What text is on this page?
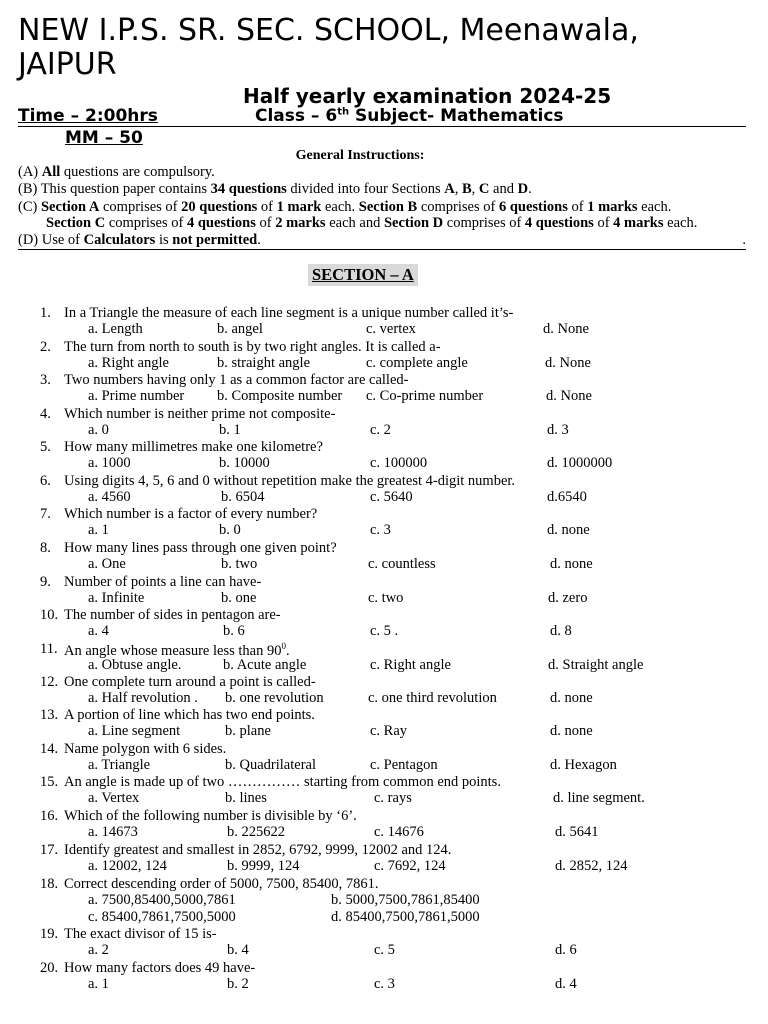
NEW I.P.S. SR. SEC. SCHOOL, Meenawala, JAIPUR
Half yearly examination 2024-25
Time – 2:00hrs	Class – 6th Subject- Mathematics
MM – 50
General Instructions:
(A) All questions are compulsory.
(B) This question paper contains 34 questions divided into four Sections A, B, C and D.
(C) Section A comprises of 20 questions of 1 mark each. Section B comprises of 6 questions of 1 marks each.
Section C comprises of 4 questions of 2 marks each and Section D comprises of 4 questions of 4 marks each.
(D) Use of Calculators is not permitted.	.
SECTION – A
1. In a Triangle the measure of each line segment is a unique number called it’s-
a. Length	b. angel	c. vertex	d. None
2. The turn from north to south is by two right angles. It is called a-
a. Right angle	b. straight angle	c. complete angle	d. None
3. Two numbers having only 1 as a common factor are called-
a. Prime number b. Composite number c. Co-prime number	d. None
4. Which number is neither prime not composite-
a. 0	b. 1	c. 2	d. 3
5. How many millimetres make one kilometre?
a. 1000	b. 10000	c. 100000	d. 1000000
6. Using digits 4, 5, 6 and 0 without repetition make the greatest 4-digit number.
a. 4560	b. 6504	c. 5640	d.6540
7. Which number is a factor of every number?
a. 1	b. 0	c. 3	d. none
8. How many lines pass through one given point?
a. One	b. two	c. countless	d. none
9. Number of points a line can have-
a. Infinite	b. one	c. two	d. zero
10. The number of sides in pentagon are-
a. 4	b. 6	c. 5 .	d. 8
11. An angle whose measure less than $90^0$.
a. Obtuse angle.	b. Acute angle	c. Right angle	d. Straight angle
12. One complete turn around a point is called-
a. Half revolution . b. one revolution	c. one third revolution	d. none
13. A portion of line which has two end points.
a. Line segment	b. plane	c. Ray	d. none
14. Name polygon with 6 sides.
a. Triangle	b. Quadrilateral	c. Pentagon	d. Hexagon
15. An angle is made up of two …………… starting from common end points.
a. Vertex	b. lines	c. rays	d. line segment.
16. Which of the following number is divisible by ‘6’.
a. 14673	b. 225622	c. 14676	d. 5641
17. Identify greatest and smallest in 2852, 6792, 9999, 12002 and 124.
a. 12002, 124	b. 9999, 124	c. 7692, 124	d. 2852, 124
18. Correct descending order of 5000, 7500, 85400, 7861.
a. 7500,85400,5000,7861	b. 5000,7500,7861,85400
c. 85400,7861,7500,5000	d. 85400,7500,7861,5000
19. The exact divisor of 15 is-
a. 2	b. 4	c. 5	d. 6
20. How many factors does 49 have-
a. 1	b. 2	c. 3	d. 4
